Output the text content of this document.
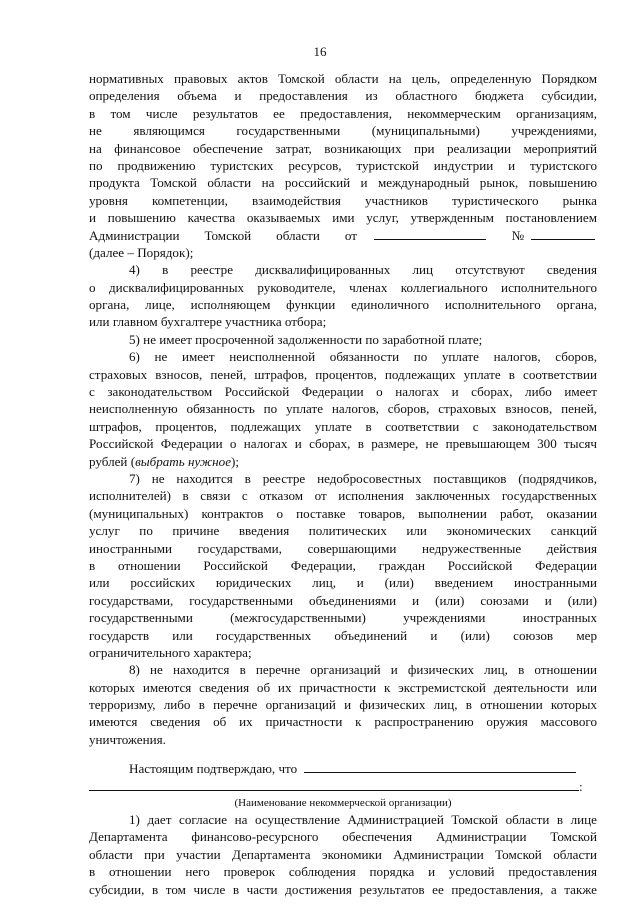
16
нормативных правовых актов Томской области на цель, определенную Порядком
определения объема и предоставления из областного бюджета субсидии,
в том числе результатов ее предоставления, некоммерческим организациям,
не являющимся государственными (муниципальными) учреждениями,
на финансовое обеспечение затрат, возникающих при реализации мероприятий
по продвижению туристских ресурсов, туристской индустрии и туристского
продукта Томской области на российский и международный рынок, повышению
уровня компетенции, взаимодействия участников туристического рынка
и повышению качества оказываемых ими услуг, утвержденным постановлением
Администрации Томской области от	№
(далее – Порядок);
4) в реестре дисквалифицированных лиц отсутствуют сведения
о дисквалифицированных руководителе, членах коллегиального исполнительного
органа, лице, исполняющем функции единоличного исполнительного органа,
или главном бухгалтере участника отбора;
5) не имеет просроченной задолженности по заработной плате;
6) не имеет неисполненной обязанности по уплате налогов, сборов,
страховых взносов, пеней, штрафов, процентов, подлежащих уплате в соответствии
с законодательством Российской Федерации о налогах и сборах, либо имеет
неисполненную обязанность по уплате налогов, сборов, страховых взносов, пеней,
штрафов, процентов, подлежащих уплате в соответствии с законодательством
Российской Федерации о налогах и сборах, в размере, не превышающем 300 тысяч
рублей (выбрать нужное);
7) не находится в реестре недобросовестных поставщиков (подрядчиков,
исполнителей) в связи с отказом от исполнения заключенных государственных
(муниципальных) контрактов о поставке товаров, выполнении работ, оказании
услуг по причине введения политических или экономических санкций
иностранными государствами, совершающими недружественные действия
в отношении Российской Федерации, граждан Российской Федерации
или российских юридических лиц, и (или) введением иностранными
государствами, государственными объединениями и (или) союзами и (или)
государственными (межгосударственными) учреждениями иностранных
государств или государственных объединений и (или) союзов мер
ограничительного характера;
8) не находится в перечне организаций и физических лиц, в отношении
которых имеются сведения об их причастности к экстремистской деятельности или
терроризму, либо в перечне организаций и физических лиц, в отношении которых
имеются сведения об их причастности к распространению оружия массового
уничтожения.
Настоящим подтверждаю, что
:
(Наименование некоммерческой организации)
1) дает согласие на осуществление Администрацией Томской области в лице
Департамента финансово-ресурсного обеспечения Администрации Томской
области при участии Департамента экономики Администрации Томской области
в отношении него проверок соблюдения порядка и условий предоставления
субсидии, в том числе в части достижения результатов ее предоставления, а также
